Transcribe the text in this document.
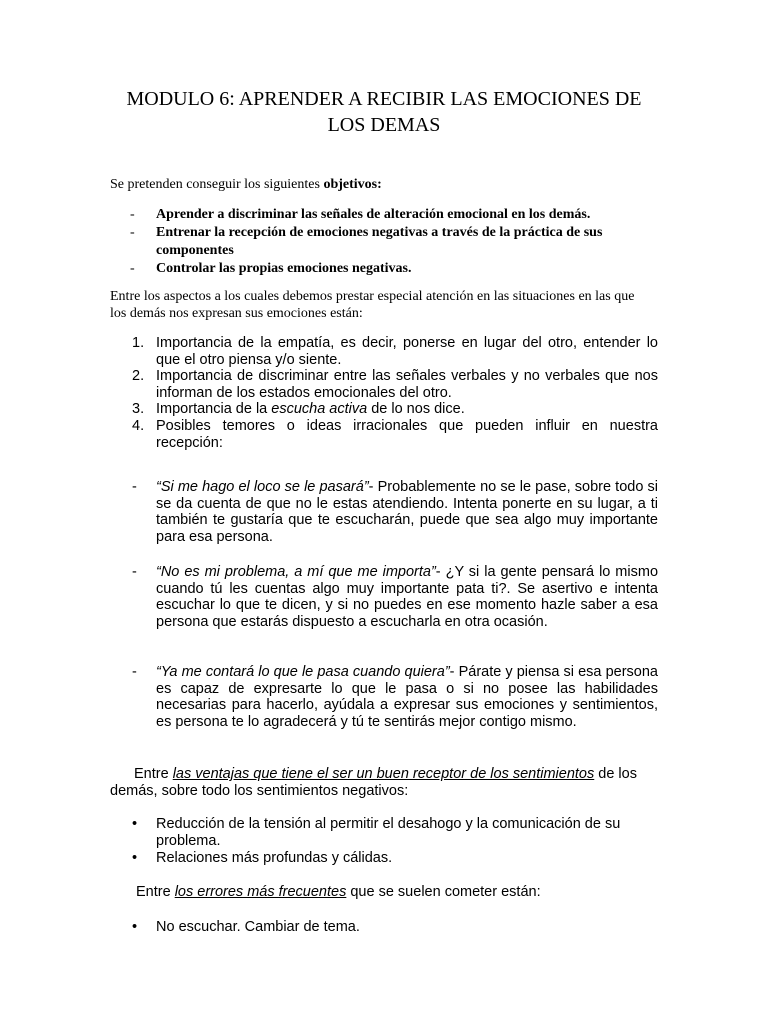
MODULO 6: APRENDER A RECIBIR LAS EMOCIONES DE
LOS DEMAS
Se pretenden conseguir los siguientes objetivos:
- Aprender a discriminar las señales de alteración emocional en los demás.
- Entrenar la recepción de emociones negativas a través de la práctica de sus componentes
- Controlar las propias emociones negativas.
Entre los aspectos a los cuales debemos prestar especial atención en las situaciones en las que los demás nos expresan sus emociones están:
1. Importancia de la empatía, es decir, ponerse en lugar del otro, entender lo que el otro piensa y/o siente.
2. Importancia de discriminar entre las señales verbales y no verbales que nos informan de los estados emocionales del otro.
3. Importancia de la escucha activa de lo nos dice.
4. Posibles temores o ideas irracionales que pueden influir en nuestra recepción:
- “Si me hago el loco se le pasará”- Probablemente no se le pase, sobre todo si se da cuenta de que no le estas atendiendo. Intenta ponerte en su lugar, a ti también te gustaría que te escucharán, puede que sea algo muy importante para esa persona.
- “No es mi problema, a mí que me importa”- ¿Y si la gente pensará lo mismo cuando tú les cuentas algo muy importante pata ti?. Se asertivo e intenta escuchar lo que te dicen, y si no puedes en ese momento hazle saber a esa persona que estarás dispuesto a escucharla en otra ocasión.
- “Ya me contará lo que le pasa cuando quiera”- Párate y piensa si esa persona es capaz de expresarte lo que le pasa o si no posee las habilidades necesarias para hacerlo, ayúdala a expresar sus emociones y sentimientos, es persona te lo agradecerá y tú te sentirás mejor contigo mismo.
Entre las ventajas que tiene el ser un buen receptor de los sentimientos de los demás, sobre todo los sentimientos negativos:
• Reducción de la tensión al permitir el desahogo y la comunicación de su problema.
• Relaciones más profundas y cálidas.
Entre los errores más frecuentes que se suelen cometer están:
• No escuchar. Cambiar de tema.
